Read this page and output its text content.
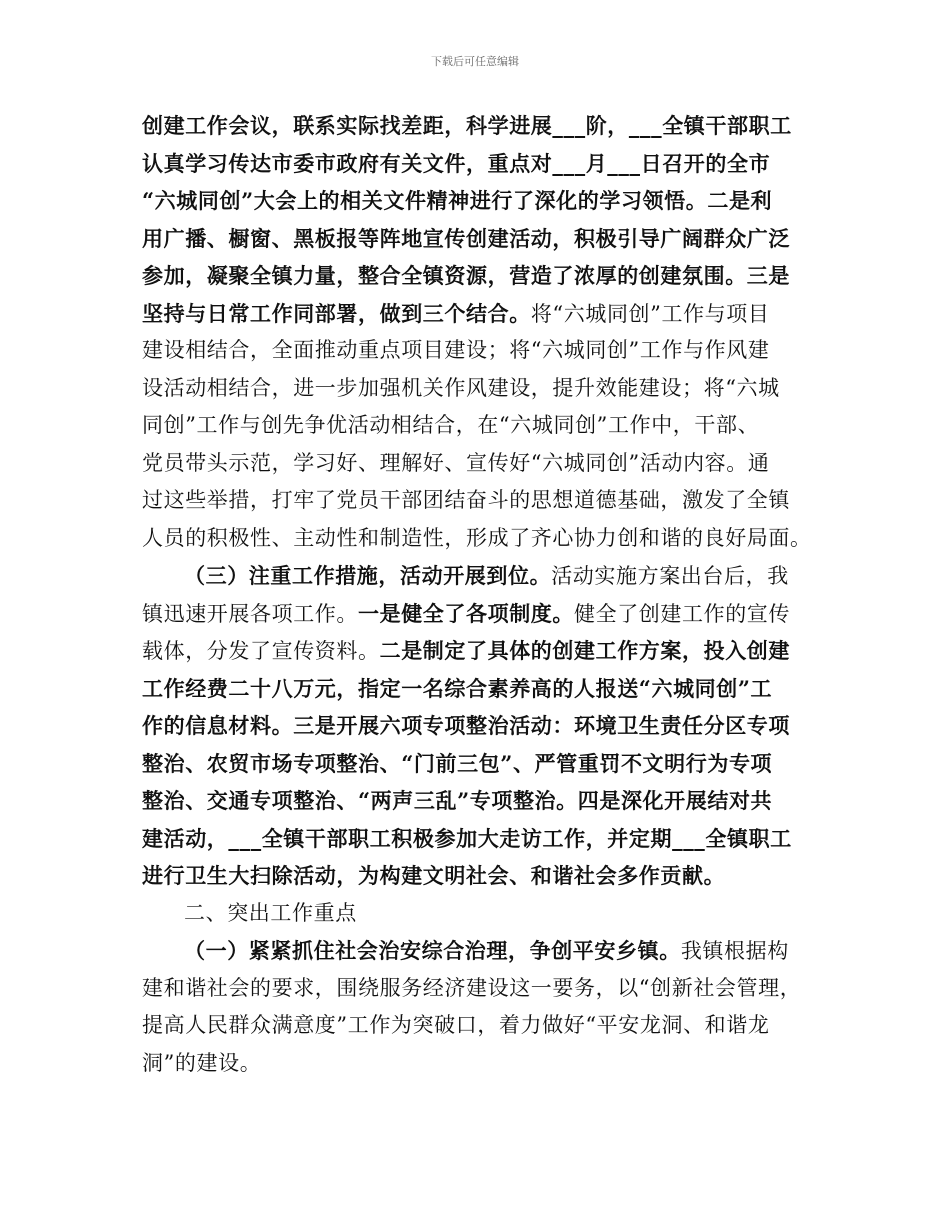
下载后可任意编辑
创建工作会议，联系实际找差距，科学进展___阶，___全镇干部职工
认真学习传达市委市政府有关文件，重点对___月___日召开的全市
“六城同创”大会上的相关文件精神进行了深化的学习领悟。二是利
用广播、橱窗、黑板报等阵地宣传创建活动，积极引导广阔群众广泛
参加，凝聚全镇力量，整合全镇资源，营造了浓厚的创建氛围。三是
坚持与日常工作同部署，做到三个结合。将“六城同创”工作与项目
建设相结合，全面推动重点项目建设；将“六城同创”工作与作风建
设活动相结合，进一步加强机关作风建设，提升效能建设；将“六城
同创”工作与创先争优活动相结合，在“六城同创”工作中，干部、
党员带头示范，学习好、理解好、宣传好“六城同创”活动内容。通
过这些举措，打牢了党员干部团结奋斗的思想道德基础，激发了全镇
人员的积极性、主动性和制造性，形成了齐心协力创和谐的良好局面。
（三）注重工作措施，活动开展到位。活动实施方案出台后，我
镇迅速开展各项工作。一是健全了各项制度。健全了创建工作的宣传
载体，分发了宣传资料。二是制定了具体的创建工作方案，投入创建
工作经费二十八万元，指定一名综合素养高的人报送“六城同创”工
作的信息材料。三是开展六项专项整治活动：环境卫生责任分区专项
整治、农贸市场专项整治、“门前三包”、严管重罚不文明行为专项
整治、交通专项整治、“两声三乱”专项整治。四是深化开展结对共
建活动，___全镇干部职工积极参加大走访工作，并定期___全镇职工
进行卫生大扫除活动，为构建文明社会、和谐社会多作贡献。
二、突出工作重点
（一）紧紧抓住社会治安综合治理，争创平安乡镇。我镇根据构
建和谐社会的要求，围绕服务经济建设这一要务，以“创新社会管理，
提高人民群众满意度”工作为突破口，着力做好“平安龙洞、和谐龙
洞”的建设。
